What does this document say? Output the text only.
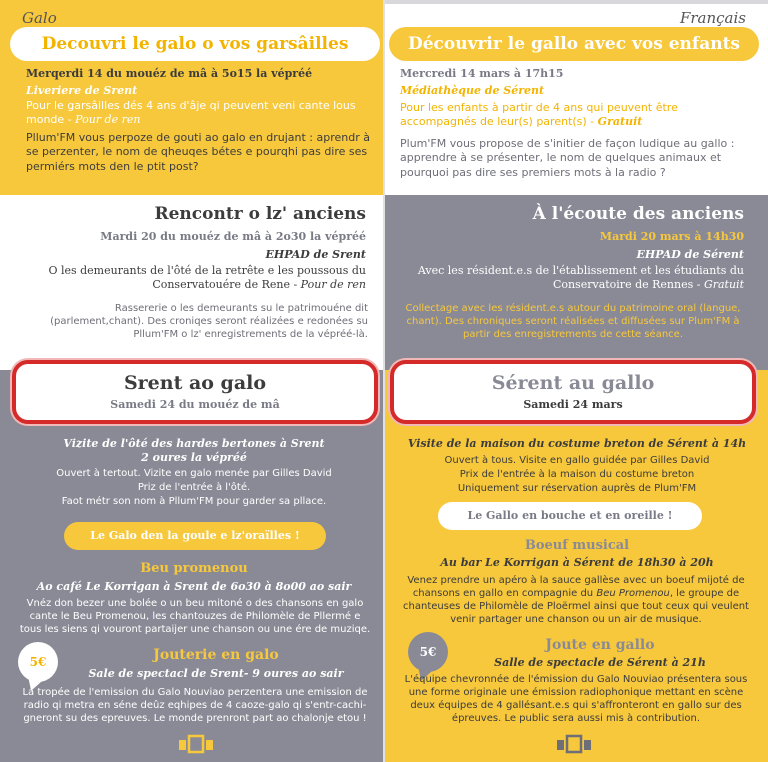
Galo
Decouvri le galo o vos garsâilles
Merqerdi 14 du mouéz de mâ à 5o15 la vépréé
Liveriere de Srent
Pour le garsâilles dés 4 ans d'âje qi peuvent veni cante lous monde - Pour de ren
Pllum'FM vous perpoze de gouti ao galo en drujant : aprendr à se perzenter, le nom de qheuqes bétes e pourqhi pas dire ses permiérs mots den le ptit post?
Rencontr o lz' anciens
Mardi 20 du mouéz de mâ à 2o30 la vépréé
EHPAD de Srent
O les demeurants de l'ôté de la retrête e les poussous du Conservatouére de Rene - Pour de ren
Rassererie o les demeurants su le patrimouéne dit (parlement,chant). Des croniqes seront réalizées e redonées su Pllum'FM o lz' enregistrements de la vépréé-là.
Srent ao galo
Samedi 24 du mouéz de mâ
Vizite de l'ôté des hardes bertones à Srent
2 oures la vépréé
Ouvert à tertout. Vizite en galo menée par Gilles David
Priz de l'entrée à l'ôté.
Faot métr son nom à Pllum'FM pour garder sa pllace.
Le Galo den la goule e lz'oraïlles !
Beu promenou
Ao café Le Korrigan à Srent de 6o30 à 8o00 ao sair
Vnéz don bezer une bolée o un beu mitoné o des chansons en galo cante le Beu Promenou, les chantouzes de Philomèle de Pllermé e tous les siens qi vouront partaijer une chanson ou une ére de muziqe.
5€	Jouterie en galo
Sale de spectacl de Srent- 9 oures ao sair
La tropée de l'emission du Galo Nouviao perzentera une emission de radio qi metra en séne deûz eqhipes de 4 caoze-galo qi s'entr-cachi-gneront su des epreuves. Le monde prenront part ao chalonje etou !
Français
Découvrir le gallo avec vos enfants
Mercredi 14 mars à 17h15
Médiathèque de Sérent
Pour les enfants à partir de 4 ans qui peuvent être accompagnés de leur(s) parent(s) - Gratuit
Plum'FM vous propose de s'initier de façon ludique au gallo : apprendre à se présenter, le nom de quelques animaux et pourquoi pas dire ses premiers mots à la radio ?
À l'écoute des anciens
Mardi 20 mars à 14h30
EHPAD de Sérent
Avec les résident.e.s de l'établissement et les étudiants du Conservatoire de Rennes - Gratuit
Collectage avec les résident.e.s autour du patrimoine oral (langue, chant). Des chroniques seront réalisées et diffusées sur Plum'FM à partir des enregistrements de cette séance.
Sérent au gallo
Samedi 24 mars
Visite de la maison du costume breton de Sérent à 14h
Ouvert à tous. Visite en gallo guidée par Gilles David
Prix de l'entrée à la maison du costume breton
Uniquement sur réservation auprès de Plum'FM
Le Gallo en bouche et en oreille !
Boeuf musical
Au bar Le Korrigan à Sérent de 18h30 à 20h
Venez prendre un apéro à la sauce gallèse avec un boeuf mijoté de chansons en gallo en compagnie du Beu Promenou, le groupe de chanteuses de Philomèle de Ploërmel ainsi que tout ceux qui veulent venir partager une chanson ou un air de musique.
5€	Joute en gallo
Salle de spectacle de Sérent à 21h
L'équipe chevronnée de l'émission du Galo Nouviao présentera sous une forme originale une émission radiophonique mettant en scène deux équipes de 4 gallésant.e.s qui s'affronteront en gallo sur des épreuves. Le public sera aussi mis à contribution.
